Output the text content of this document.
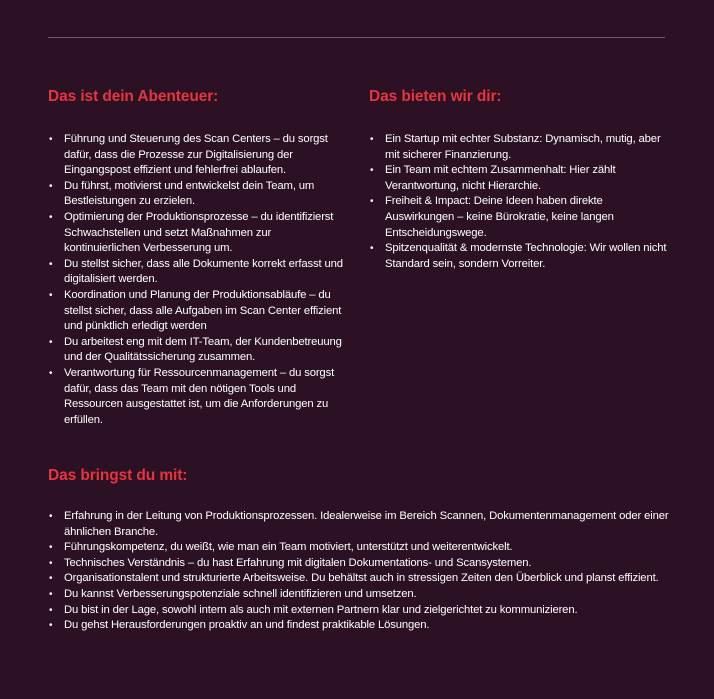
Das ist dein Abenteuer:
• Führung und Steuerung des Scan Centers – du sorgst dafür, dass die Prozesse zur Digitalisierung der Eingangspost effizient und fehlerfrei ablaufen.
• Du führst, motivierst und entwickelst dein Team, um Bestleistungen zu erzielen.
• Optimierung der Produktionsprozesse – du identifizierst Schwachstellen und setzt Maßnahmen zur kontinuierlichen Verbesserung um.
• Du stellst sicher, dass alle Dokumente korrekt erfasst und digitalisiert werden.
• Koordination und Planung der Produktionsabläufe – du stellst sicher, dass alle Aufgaben im Scan Center effizient und pünktlich erledigt werden
• Du arbeitest eng mit dem IT-Team, der Kundenbetreuung und der Qualitätssicherung zusammen.
• Verantwortung für Ressourcenmanagement – du sorgst dafür, dass das Team mit den nötigen Tools und Ressourcen ausgestattet ist, um die Anforderungen zu erfüllen.
Das bieten wir dir:
• Ein Startup mit echter Substanz: Dynamisch, mutig, aber mit sicherer Finanzierung.
• Ein Team mit echtem Zusammenhalt: Hier zählt Verantwortung, nicht Hierarchie.
• Freiheit & Impact: Deine Ideen haben direkte Auswirkungen – keine Bürokratie, keine langen Entscheidungswege.
• Spitzenqualität & modernste Technologie: Wir wollen nicht Standard sein, sondern Vorreiter.
Das bringst du mit:
• Erfahrung in der Leitung von Produktionsprozessen. Idealerweise im Bereich Scannen, Dokumentenmanagement oder einer ähnlichen Branche.
• Führungskompetenz, du weißt, wie man ein Team motiviert, unterstützt und weiterentwickelt.
• Technisches Verständnis – du hast Erfahrung mit digitalen Dokumentations- und Scansystemen.
• Organisationstalent und strukturierte Arbeitsweise. Du behältst auch in stressigen Zeiten den Überblick und planst effizient.
• Du kannst Verbesserungspotenziale schnell identifizieren und umsetzen.
• Du bist in der Lage, sowohl intern als auch mit externen Partnern klar und zielgerichtet zu kommunizieren.
• Du gehst Herausforderungen proaktiv an und findest praktikable Lösungen.
